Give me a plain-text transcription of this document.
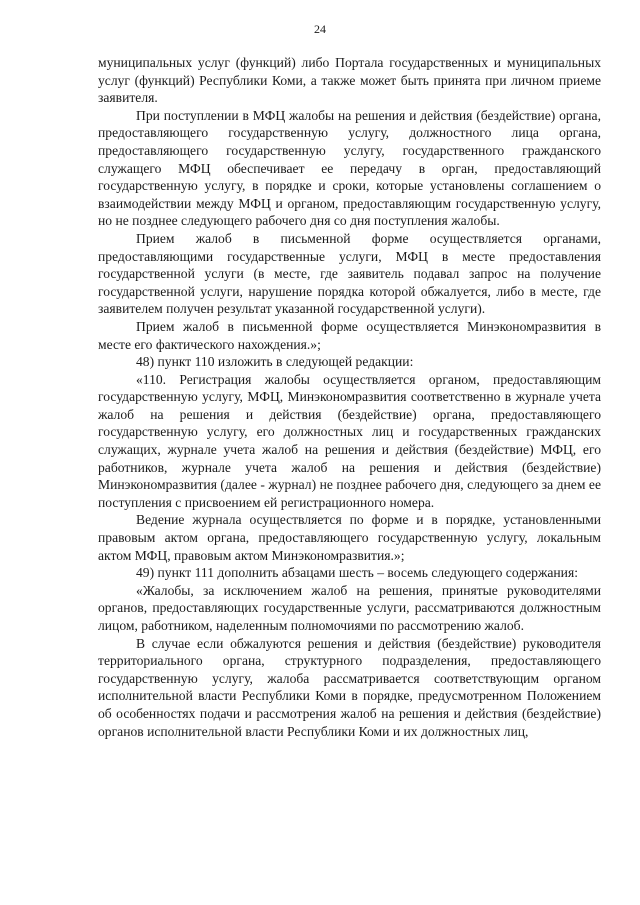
24

муниципальных услуг (функций) либо Портала государственных и муниципальных услуг (функций) Республики Коми, а также может быть принята при личном приеме заявителя.

При поступлении в МФЦ жалобы на решения и действия (бездействие) органа, предоставляющего государственную услугу, должностного лица органа, предоставляющего государственную услугу, государственного гражданского служащего МФЦ обеспечивает ее передачу в орган, предоставляющий государственную услугу, в порядке и сроки, которые установлены соглашением о взаимодействии между МФЦ и органом, предоставляющим государственную услугу, но не позднее следующего рабочего дня со дня поступления жалобы.

Прием жалоб в письменной форме осуществляется органами, предоставляющими государственные услуги, МФЦ в месте предоставления государственной услуги (в месте, где заявитель подавал запрос на получение государственной услуги, нарушение порядка которой обжалуется, либо в месте, где заявителем получен результат указанной государственной услуги).

Прием жалоб в письменной форме осуществляется Минэкономразвития в месте его фактического нахождения.»;

48) пункт 110 изложить в следующей редакции:

«110. Регистрация жалобы осуществляется органом, предоставляющим государственную услугу, МФЦ, Минэкономразвития соответственно в журнале учета жалоб на решения и действия (бездействие) органа, предоставляющего государственную услугу, его должностных лиц и государственных гражданских служащих, журнале учета жалоб на решения и действия (бездействие) МФЦ, его работников, журнале учета жалоб на решения и действия (бездействие) Минэкономразвития (далее - журнал) не позднее рабочего дня, следующего за днем ее поступления с присвоением ей регистрационного номера.

Ведение журнала осуществляется по форме и в порядке, установленными правовым актом органа, предоставляющего государственную услугу, локальным актом МФЦ, правовым актом Минэкономразвития.»;

49) пункт 111 дополнить абзацами шесть – восемь следующего содержания:

«Жалобы, за исключением жалоб на решения, принятые руководителями органов, предоставляющих государственные услуги, рассматриваются должностным лицом, работником, наделенным полномочиями по рассмотрению жалоб.

В случае если обжалуются решения и действия (бездействие) руководителя территориального органа, структурного подразделения, предоставляющего государственную услугу, жалоба рассматривается соответствующим органом исполнительной власти Республики Коми в порядке, предусмотренном Положением об особенностях подачи и рассмотрения жалоб на решения и действия (бездействие) органов исполнительной власти Республики Коми и их должностных лиц,
